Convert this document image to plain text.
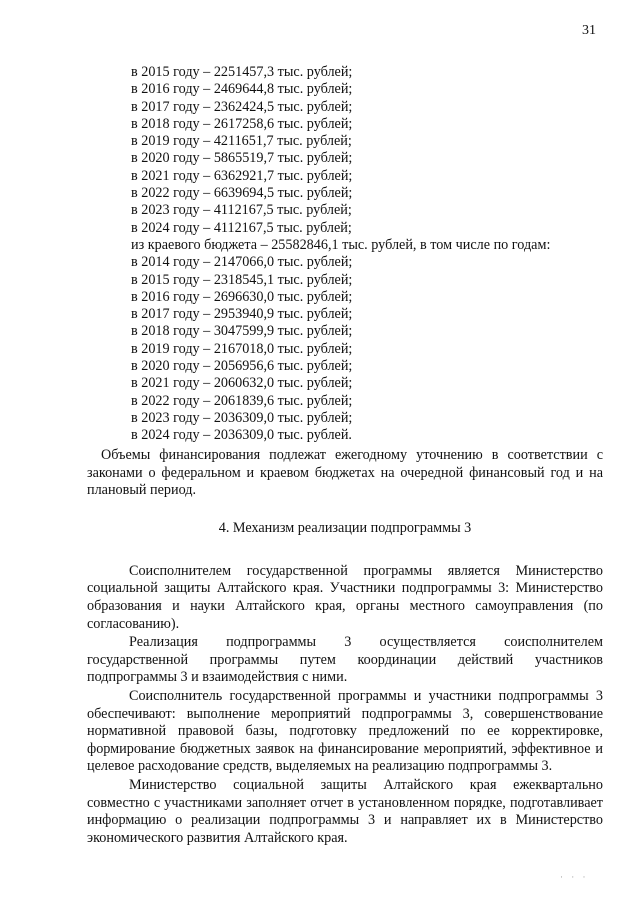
31
в 2015 году – 2251457,3 тыс. рублей;
в 2016 году – 2469644,8 тыс. рублей;
в 2017 году – 2362424,5 тыс. рублей;
в 2018 году – 2617258,6 тыс. рублей;
в 2019 году – 4211651,7 тыс. рублей;
в 2020 году – 5865519,7 тыс. рублей;
в 2021 году – 6362921,7 тыс. рублей;
в 2022 году – 6639694,5 тыс. рублей;
в 2023 году – 4112167,5 тыс. рублей;
в 2024 году – 4112167,5 тыс. рублей;
из краевого бюджета – 25582846,1 тыс. рублей, в том числе по годам:
в 2014 году – 2147066,0 тыс. рублей;
в 2015 году – 2318545,1 тыс. рублей;
в 2016 году – 2696630,0 тыс. рублей;
в 2017 году – 2953940,9 тыс. рублей;
в 2018 году – 3047599,9 тыс. рублей;
в 2019 году – 2167018,0 тыс. рублей;
в 2020 году – 2056956,6 тыс. рублей;
в 2021 году – 2060632,0 тыс. рублей;
в 2022 году – 2061839,6 тыс. рублей;
в 2023 году – 2036309,0 тыс. рублей;
в 2024 году – 2036309,0 тыс. рублей.

Объемы финансирования подлежат ежегодному уточнению в соответствии с законами о федеральном и краевом бюджетах на очередной финансовый год и на плановый период.

4. Механизм реализации подпрограммы 3

Соисполнителем государственной программы является Министерство социальной защиты Алтайского края. Участники подпрограммы 3: Министерство образования и науки Алтайского края, органы местного самоуправления (по согласованию).

Реализация подпрограммы 3 осуществляется соисполнителем государственной программы путем координации действий участников подпрограммы 3 и взаимодействия с ними.

Соисполнитель государственной программы и участники подпрограммы 3 обеспечивают: выполнение мероприятий подпрограммы 3, совершенствование нормативной правовой базы, подготовку предложений по ее корректировке, формирование бюджетных заявок на финансирование мероприятий, эффективное и целевое расходование средств, выделяемых на реализацию подпрограммы 3.

Министерство социальной защиты Алтайского края ежеквартально совместно с участниками заполняет отчет в установленном порядке, подготавливает информацию о реализации подпрограммы 3 и направляет их в Министерство экономического развития Алтайского края.

· · ·
